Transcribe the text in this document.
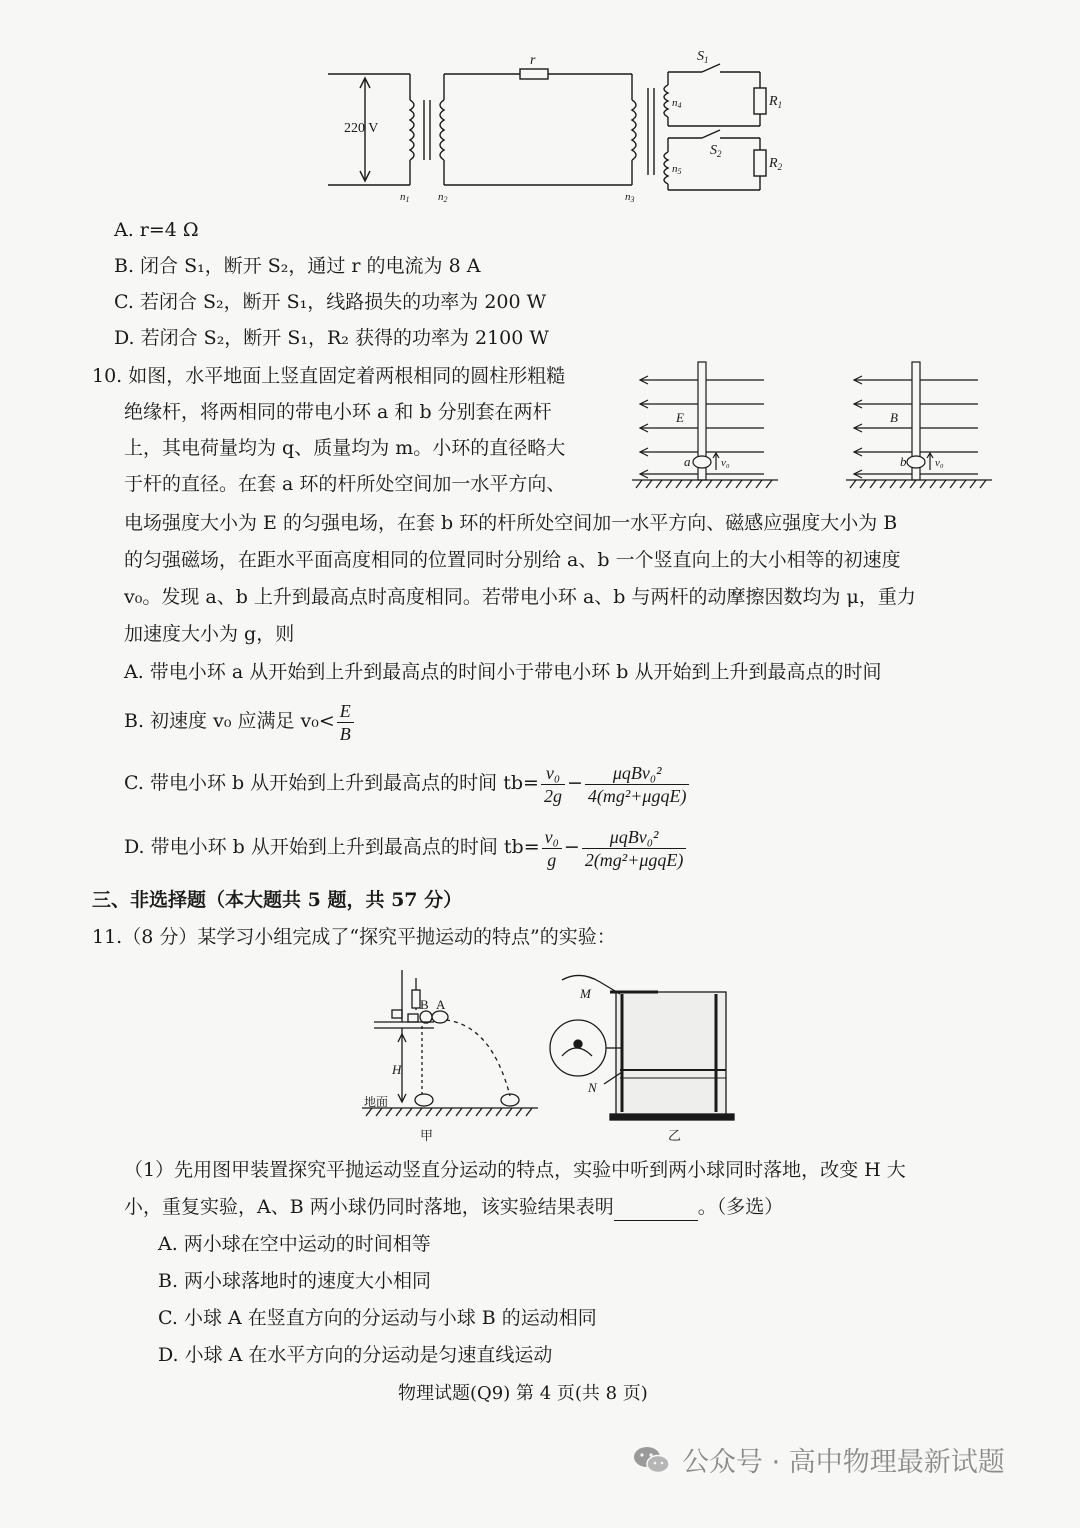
220 V
r	$S_1$
$S_2$
$R_1$
$R_2$
n1	n2	n3
n4
n5
A. r=4 Ω
B. 闭合 S₁，断开 S₂，通过 r 的电流为 8 A
C. 若闭合 S₂，断开 S₁，线路损失的功率为 200 W
D. 若闭合 S₂，断开 S₁，R₂ 获得的功率为 2100 W
10. 如图，水平地面上竖直固定着两根相同的圆柱形粗糙
绝缘杆，将两相同的带电小环 a 和 b 分别套在两杆
上，其电荷量均为 q、质量均为 m。小环的直径略大
于杆的直径。在套 a 环的杆所处空间加一水平方向、
电场强度大小为 E 的匀强电场，在套 b 环的杆所处空间加一水平方向、磁感应强度大小为 B
的匀强磁场，在距水平面高度相同的位置同时分别给 a、b 一个竖直向上的大小相等的初速度
v₀。发现 a、b 上升到最高点时高度相同。若带电小环 a、b 与两杆的动摩擦因数均为 μ，重力
加速度大小为 g，则
E
a	v₀
B
b	v₀
A. 带电小环 a 从开始到上升到最高点的时间小于带电小环 b 从开始到上升到最高点的时间
B. 初速度 v₀ 应满足 $v_0< \frac{E}{B}$
C. 带电小环 b 从开始到上升到最高点的时间 $tb= \frac{\text{v₀}}{2g} - \frac{\text{μqBv₀²}}{\text{4(mg²+μgqE)}}$
D. 带电小环 b 从开始到上升到最高点的时间 $tb= \frac{\text{v₀}}{g} - \frac{\text{μqBv₀²}}{\text{2(mg²+μgqE)}}$
三、非选择题（本大题共 5 题，共 57 分）
11.（8 分）某学习小组完成了“探究平抛运动的特点”的实验：
B A
H
地面
甲
M
N
乙
（1）先用图甲装置探究平抛运动竖直分运动的特点，实验中听到两小球同时落地，改变 H 大
小，重复实验，A、B 两小球仍同时落地，该实验结果表明	。（多选）
A. 两小球在空中运动的时间相等
B. 两小球落地时的速度大小相同
C. 小球 A 在竖直方向的分运动与小球 B 的运动相同
D. 小球 A 在水平方向的分运动是匀速直线运动
物理试题(Q9) 第 4 页(共 8 页)
公众号 · 高中物理最新试题
